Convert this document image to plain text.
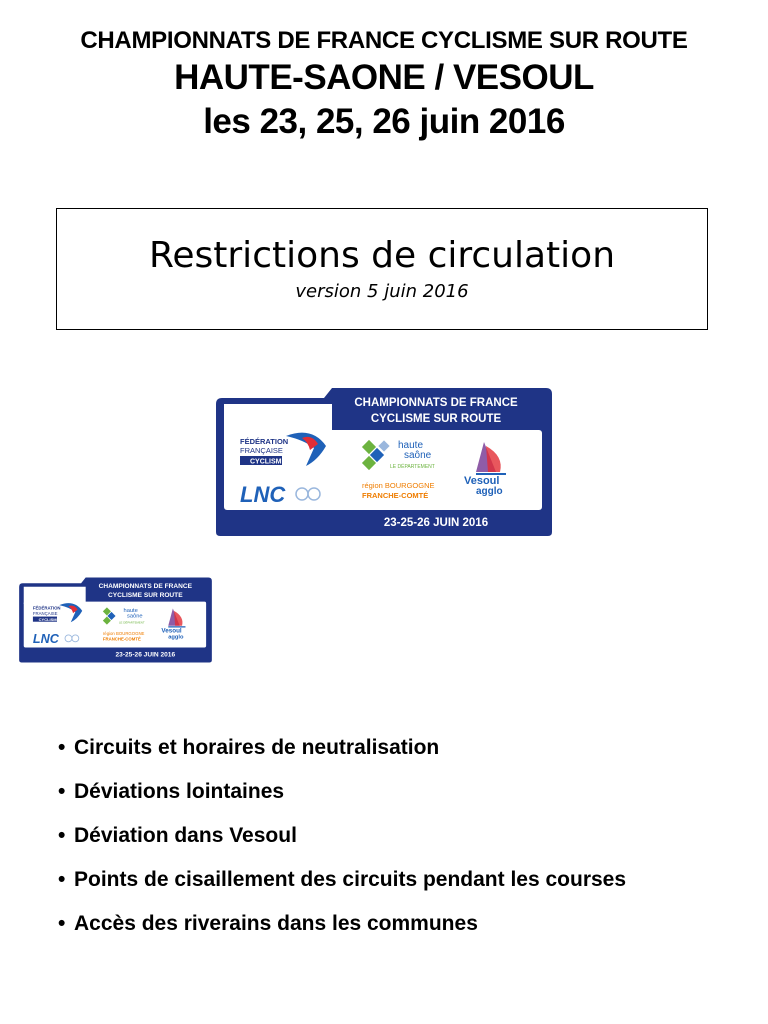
CHAMPIONNATS DE FRANCE CYCLISME SUR ROUTE
HAUTE-SAONE / VESOUL
les 23, 25, 26 juin 2016
Restrictions de circulation
version 5 juin 2016
CHAMPIONNATS DE FRANCE
CYCLISME SUR ROUTE
FÉDÉRATION
FRANÇAISE
CYCLISME
LNC
haute
saône
LE DÉPARTEMENT
région BOURGOGNE
FRANCHE-COMTÉ
Vesoul
agglo
23-25-26 JUIN 2016
CHAMPIONNATS DE FRANCE
CYCLISME SUR ROUTE
FÉDÉRATION
FRANÇAISE
CYCLISME
LNC
haute
saône
LE DÉPARTEMENT
région BOURGOGNE
FRANCHE-COMTÉ
Vesoul
agglo
23-25-26 JUIN 2016
• Circuits et horaires de neutralisation
• Déviations lointaines
• Déviation dans Vesoul
• Points de cisaillement des circuits pendant les courses
• Accès des riverains dans les communes
